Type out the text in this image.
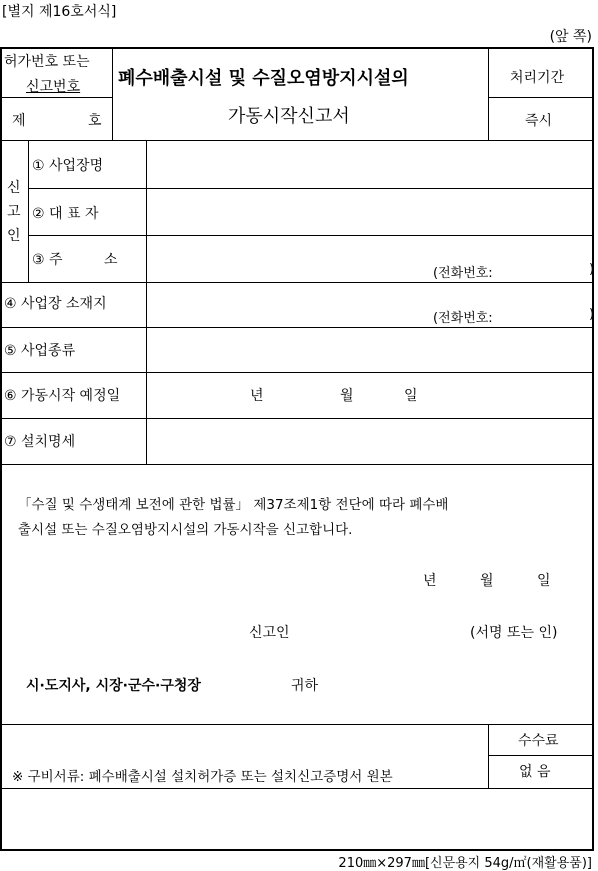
[별지 제16호서식]
(앞 쪽)
허가번호 또는
신고번호
제	호
폐수배출시설 및 수질오염방지시설의
가동시작신고서
처리기간
즉시
신
고
인
① 사업장명
② 대 표 자
③ 주	소
(전화번호:	)
④ 사업장 소재지
(전화번호:	)
⑤ 사업종류
⑥ 가동시작 예정일	년	월	일
⑦ 설치명세
「수질 및 수생태계 보전에 관한 법률」 제37조제1항 전단에 따라 폐수배
출시설 또는 수질오염방지시설의 가동시작을 신고합니다.
년	월	일
신고인	(서명 또는 인)
시·도지사, 시장·군수·구청장	귀하
※ 구비서류: 폐수배출시설 설치허가증 또는 설치신고증명서 원본
수수료
없 음
210㎜×297㎜[신문용지 54g/㎡(재활용품)]
